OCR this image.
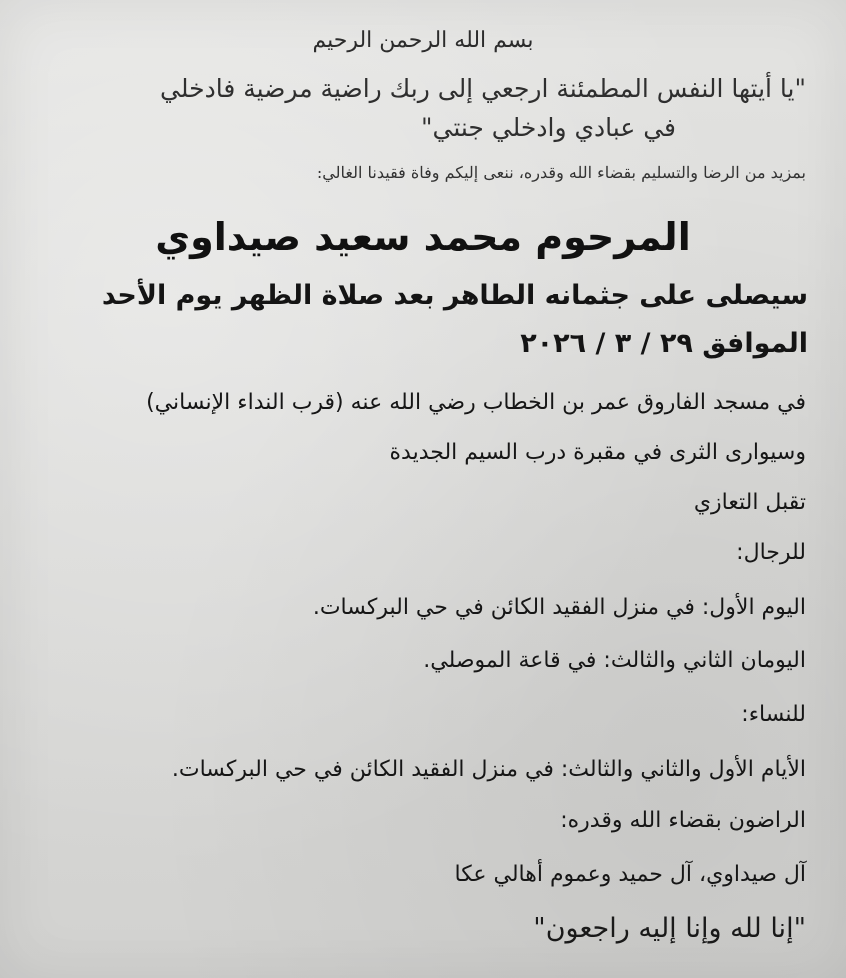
بسم الله الرحمن الرحيم
"يا أيتها النفس المطمئنة ارجعي إلى ربك راضية مرضية فادخلي
في عبادي وادخلي جنتي"
بمزيد من الرضا والتسليم بقضاء الله وقدره، ننعى إليكم وفاة فقيدنا الغالي:
المرحوم محمد سعيد صيداوي
سيصلى على جثمانه الطاهر بعد صلاة الظهر يوم الأحد
الموافق ٢٩ / ٣ / ٢٠٢٦
في مسجد الفاروق عمر بن الخطاب رضي الله عنه (قرب النداء الإنساني)
وسيوارى الثرى في مقبرة درب السيم الجديدة
تقبل التعازي
للرجال:
اليوم الأول: في منزل الفقيد الكائن في حي البركسات.
اليومان الثاني والثالث: في قاعة الموصلي.
للنساء:
الأيام الأول والثاني والثالث: في منزل الفقيد الكائن في حي البركسات.
الراضون بقضاء الله وقدره:
آل صيداوي، آل حميد وعموم أهالي عكا
"إنا لله وإنا إليه راجعون"
